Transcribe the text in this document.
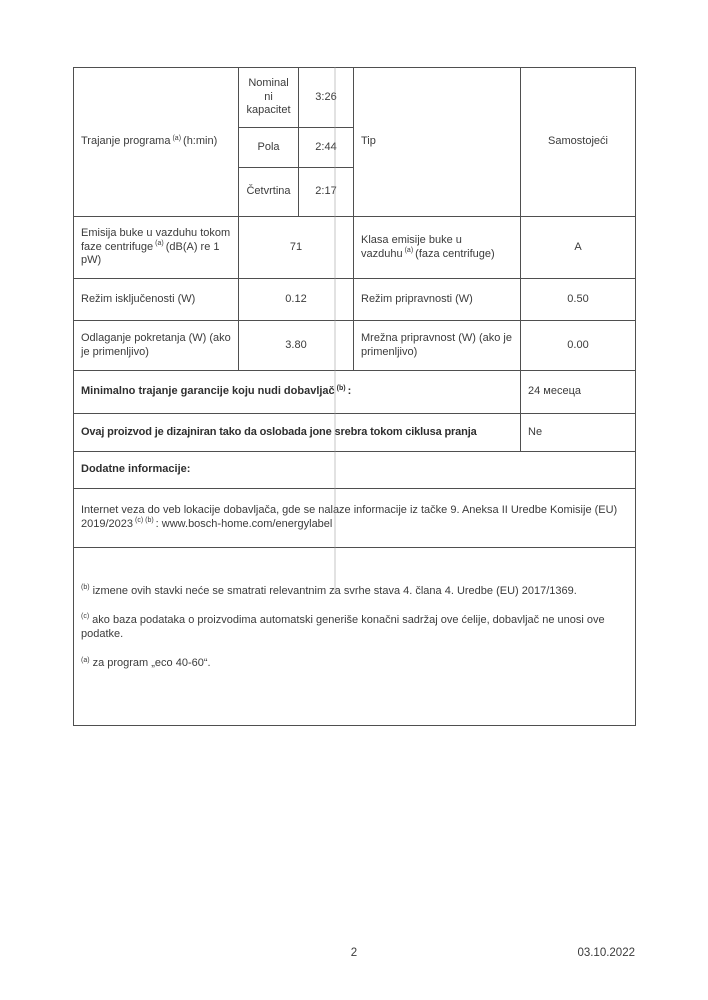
Trajanje programa $^{(a)}$ (h:min)	Nominalni kapacitet	3:26	Tip	Samostojeći
	Pola	2:44		
	Četvrtina	2:17		
Emisija buke u vazduhu tokom faze centrifuge $^{(a)}$ (dB(A) re 1 pW)	71		Klasa emisije buke u vazduhu $^{(a)}$ (faza centrifuge)	A
Režim isključenosti (W)	0.12		Režim pripravnosti (W)	0.50
Odlaganje pokretanja (W) (ako je primenljivo)	3.80		Mrežna pripravnost (W) (ako je primenljivo)	0.00
Minimalno trajanje garancije koju nudi dobavljač $^{(b)}$ :				24 месеца
Ovaj proizvod je dizajniran tako da oslobada jone srebra tokom ciklusa pranja				Ne
Dodatne informacije:				
Internet veza do veb lokacije dobavljača, gde se nalaze informacije iz tačke 9. Aneksa II Uredbe Komisije (EU) 2019/2023 $^{(c) (b)}$ : www.bosch-home.com/energylabel				

$^{(b)}$ izmene ovih stavki neće se smatrati relevantnim za svrhe stava 4. člana 4. Uredbe (EU) 2017/1369.

$^{(c)}$ ako baza podataka o proizvodima automatski generiše konačni sadržaj ove ćelije, dobavljač ne unosi ove podatke.

$^{(a)}$ za program „eco 40-60“.				

2	03.10.2022
